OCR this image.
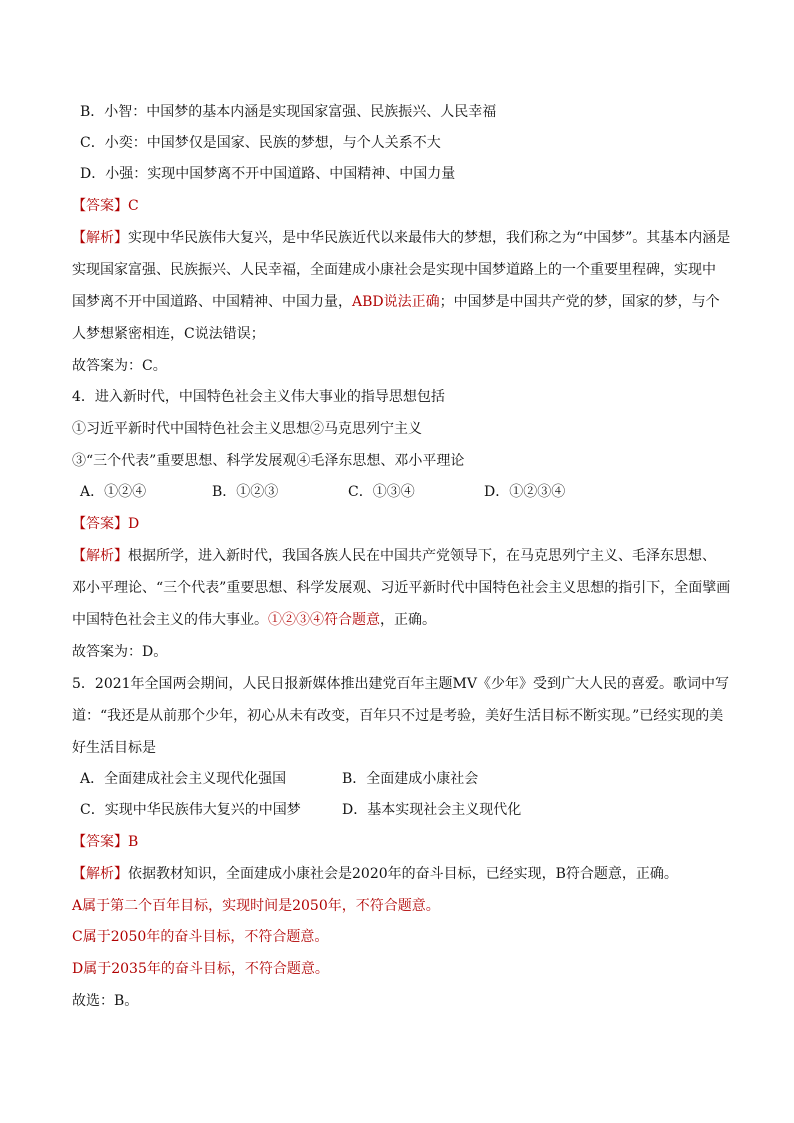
B．小智：中国梦的基本内涵是实现国家富强、民族振兴、人民幸福
C．小奕：中国梦仅是国家、民族的梦想，与个人关系不大
D．小强：实现中国梦离不开中国道路、中国精神、中国力量
【答案】C
【解析】实现中华民族伟大复兴，是中华民族近代以来最伟大的梦想，我们称之为“中国梦”。其基本内涵是
实现国家富强、民族振兴、人民幸福，全面建成小康社会是实现中国梦道路上的一个重要里程碑，实现中
国梦离不开中国道路、中国精神、中国力量，ABD说法正确；中国梦是中国共产党的梦，国家的梦，与个
人梦想紧密相连，C说法错误；
故答案为：C。
4．进入新时代，中国特色社会主义伟大事业的指导思想包括
①习近平新时代中国特色社会主义思想②马克思列宁主义
③“三个代表”重要思想、科学发展观④毛泽东思想、邓小平理论
A．①②④	B．①②③	C．①③④	D．①②③④
【答案】D
【解析】根据所学，进入新时代，我国各族人民在中国共产党领导下，在马克思列宁主义、毛泽东思想、
邓小平理论、“三个代表”重要思想、科学发展观、习近平新时代中国特色社会主义思想的指引下，全面擘画
中国特色社会主义的伟大事业。①②③④符合题意，正确。
故答案为：D。
5．2021年全国两会期间，人民日报新媒体推出建党百年主题MV《少年》受到广大人民的喜爱。歌词中写
道：“我还是从前那个少年，初心从未有改变，百年只不过是考验，美好生活目标不断实现。”已经实现的美
好生活目标是
A．全面建成社会主义现代化强国	B．全面建成小康社会
C．实现中华民族伟大复兴的中国梦	D．基本实现社会主义现代化
【答案】B
【解析】依据教材知识，全面建成小康社会是2020年的奋斗目标，已经实现，B符合题意，正确。
A属于第二个百年目标，实现时间是2050年，不符合题意。
C属于2050年的奋斗目标，不符合题意。
D属于2035年的奋斗目标，不符合题意。
故选：B。
